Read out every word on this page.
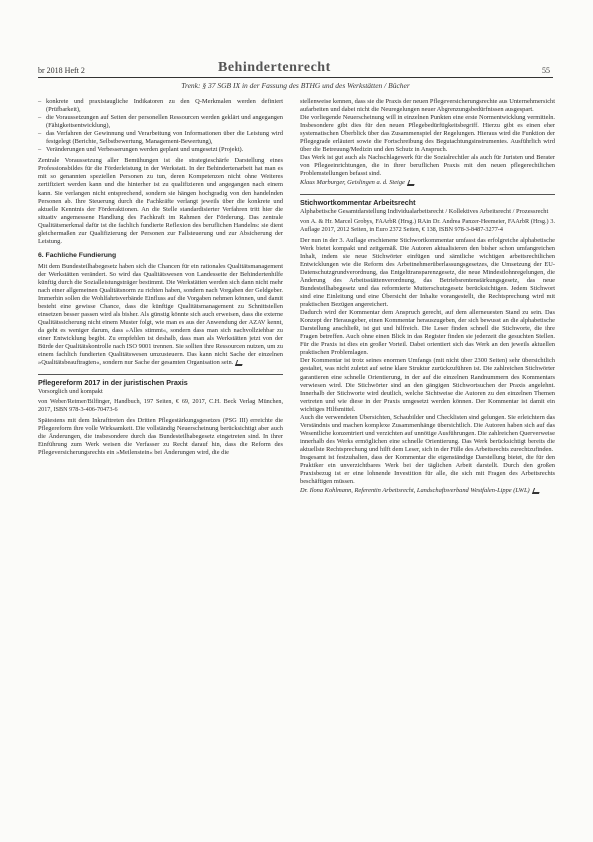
br 2018 Heft 2	Behindertenrecht	55
Trenk: § 37 SGB IX in der Fassung des BTHG und des Werkstätten / Bücher
– konkrete und praxistaugliche Indikatoren zu den Q-Merkmalen werden definiert (Prüfbarkeit),
– die Voraussetzungen auf Seiten der personellen Ressourcen werden geklärt und angegangen (Fähigkeitsentwicklung),
– das Verfahren der Gewinnung und Verarbeitung von Informationen über die Leistung wird festgelegt (Berichte, Selbstbewertung, Management-Bewertung),
– Veränderungen und Verbesserungen werden geplant und umgesetzt (Projekt).

Zentrale Voraussetzung aller Bemühungen ist die strategieschärfe Darstellung eines Professionsbildes für die Förderleistung in der Werkstatt. In der Behindertenarbeit hat man es mit so genannten speziellen Personen zu tun, deren Kompetenzen nicht ohne Weiteres zertifiziert werden kann und die hinterher ist zu qualifizieren und angegangen nach einem kann. Sie verlangen nicht entsprechend, sondern sie hängen hochgradig von den handelnden Personen ab. Ihre Steuerung durch die Fachkräfte verlangt jeweils über die konkrete und aktuelle Kenntnis der Förderaktionen. An die Stelle standardisierter Verfahren tritt hier die situativ angemessene Handlung des Fachkraft im Rahmen der Förderung. Das zentrale Qualitätsmerkmal dafür ist die fachlich fundierte Reflexion des beruflichen Handelns: sie dient gleichermaßen zur Qualifizierung der Personen zur Fallsteuerung und zur Absicherung der Leistung.

6. Fachliche Fundierung

Mit dem Bundesteilhabegesetz haben sich die Chancen für ein rationales Qualitätsmanagement der Werkstätten verändert. So wird das Qualitätswesen von Landesseite der Behindertenhilfe künftig durch die Sozialleistungsträger bestimmt. Die Werkstätten werden sich dann nicht mehr nach einer allgemeinen Qualitätsnorm zu richten haben, sondern nach Vorgaben der Geldgeber. Immerhin sollen die Wohlfahrtsverbände Einfluss auf die Vorgaben nehmen können, und damit besteht eine gewisse Chance, dass die künftige Qualitätsmanagement zu Schnittstellen einsetzen besser passen wird als bisher. Als günstig könnte sich auch erweisen, dass die externe Qualitätssicherung nicht einem Muster folgt, wie man es aus der Anwendung der AZAV kennt, da geht es weniger darum, dass »Alles stimmt«, sondern dass man sich nachvollziehbar zu einer Entwicklung begibt. Zu empfehlen ist deshalb, dass man als Werkstätten jetzt von der Bürde der Qualitätskontrolle nach ISO 9001 trennen. Sie sollten ihre Ressourcen nutzen, um zu einem fachlich fundierten Qualitätswesen umzusteuern. Das kann nicht Sache der einzelnen »Qualitätsbeauftragten«, sondern nur Sache der gesamten Organisation sein.

Pflegereform 2017 in der juristischen Praxis
Vorsorglich und kompakt
von Weber/Reimer/Bilfinger, Handbuch, 197 Seiten, € 69, 2017, C.H. Beck Verlag München, 2017, ISBN 978-3-406-70473-6

Spätestens mit dem Inkrafttreten des Dritten Pflegestärkungsgesetzes (PSG III) erreichte die Pflegereform ihre volle Wirksamkeit. Die vollständig Neuerscheinung berücksichtigt aber auch die Änderungen, die insbesondere durch das Bundesteilhabegesetz eingetreten sind. In ihrer Einführung zum Werk weisen die Verfasser zu Recht darauf hin, dass die Reform des Pflegeversicherungsrechts ein »Meilenstein« bei Änderungen wird, die die

stellenweise kennen, dass sie die Praxis der neuen Pflegeversicherungsrechte aus Unternehmersicht aufarbeiten und dabei nicht die Neuregelungen neuer Abgrenzungsbedürfnissen ausgespart.

Die vorliegende Neuerscheinung will in einzelnen Punkten eine erste Normentwicklung vermitteln. Insbesondere gibt dies für den neuen Pflegebedürftigkeitsbegriff. Hierzu gibt es einen eher systematischen Überblick über das Zusammenspiel der Regelungen. Hieraus wird die Funktion der Pflegegrade erläutert sowie die Fortschreibung des Begutachtungsinstrumentes. Ausführlich wird über die Betreuung/Medizin und den Schutz in Anspruch.

Das Werk ist gut auch als Nachschlagewerk für die Sozialrechtler als auch für Juristen und Berater von Pflegeeinrichtungen, die in ihrer beruflichen Praxis mit den neuen pflegerechtlichen Problemstellungen befasst sind.

Klaus Marburger, Geislingen a. d. Steige

Stichwortkommentar Arbeitsrecht
Alphabetische Gesamtdarstellung Individualarbeitsrecht / Kollektives Arbeitsrecht / Prozessrecht
von A. & Hr. Marcel Grobys, FAArbR (Hrsg.) RAin Dr. Andrea Panzer-Heemeier, FAArbR (Hrsg.) 3. Auflage 2017, 2012 Seiten, in Euro 2372 Seiten, € 138, ISBN 978-3-8487-3277-4

Der nun in der 3. Auflage erschienene Stichwortkommentar umfasst das erfolgreiche alphabetische Werk bietet kompakt und zeitgemäß. Die Autoren aktualisieren den bisher schon umfangreichen Inhalt, indem sie neue Stichwörter einfügen und sämtliche wichtigen arbeitsrechtlichen Entwicklungen wie die Reform des Arbeitnehmerüberlassungsgesetzes, die Umsetzung der EU-Datenschutzgrundverordnung, das Entgelttransparenzgesetz, die neue Mindestlohnregelungen, die Änderung des Arbeitsstättenverordnung, das Betriebsrentenstärkungsgesetz, das neue Bundesteilhabegesetz und das reformierte Mutterschutzgesetz berücksichtigen. Jedem Stichwort sind eine Einleitung und eine Übersicht der Inhalte vorangestellt, die Rechtsprechung wird mit praktischen Bezügen angereichert.

Dadurch wird der Kommentar dem Anspruch gerecht, auf dem allerneuesten Stand zu sein. Das Konzept der Herausgeber, einen Kommentar herauszugeben, der sich bewusst an die alphabetische Darstellung anschließt, ist gut und hilfreich. Die Leser finden schnell die Stichworte, die ihre Fragen betreffen. Auch ohne einen Blick in das Register finden sie jederzeit die gesuchten Stellen. Für die Praxis ist dies ein großer Vorteil. Dabei orientiert sich das Werk an den jeweils aktuellen praktischen Problemlagen.

Der Kommentar ist trotz seines enormen Umfangs (mit nicht über 2300 Seiten) sehr übersichtlich gestaltet, was nicht zuletzt auf seine klare Struktur zurückzuführen ist. Die zahlreichen Stichwörter garantieren eine schnelle Orientierung, in der auf die einzelnen Randnummern des Kommentars verwiesen wird. Die Stichwörter sind an den gängigen Stichwortsuchen der Praxis angelehnt. Innerhalb der Stichworte wird deutlich, welche Sichtweise die Autoren zu den einzelnen Themen vertreten und wie diese in der Praxis umgesetzt werden können. Der Kommentar ist damit ein wichtiges Hilfsmittel.

Auch die verwendeten Übersichten, Schaubilder und Checklisten sind gelungen. Sie erleichtern das Verständnis und machen komplexe Zusammenhänge übersichtlich. Die Autoren haben sich auf das Wesentliche konzentriert und verzichten auf unnötige Ausführungen. Die zahlreichen Querverweise innerhalb des Werks ermöglichen eine schnelle Orientierung. Das Werk berücksichtigt bereits die aktuellste Rechtsprechung und hilft dem Leser, sich in der Fülle des Arbeitsrechts zurechtzufinden.

Insgesamt ist festzuhalten, dass der Kommentar die eigenständige Darstellung bietet, die für den Praktiker ein unverzichtbares Werk bei der täglichen Arbeit darstellt. Durch den großen Praxisbezug ist er eine lohnende Investition für alle, die sich mit Fragen des Arbeitsrechts beschäftigen müssen.

Dr. Ilona Kohlmann, Referentin Arbeitsrecht, Landschaftsverband Westfalen-Lippe (LWL)
